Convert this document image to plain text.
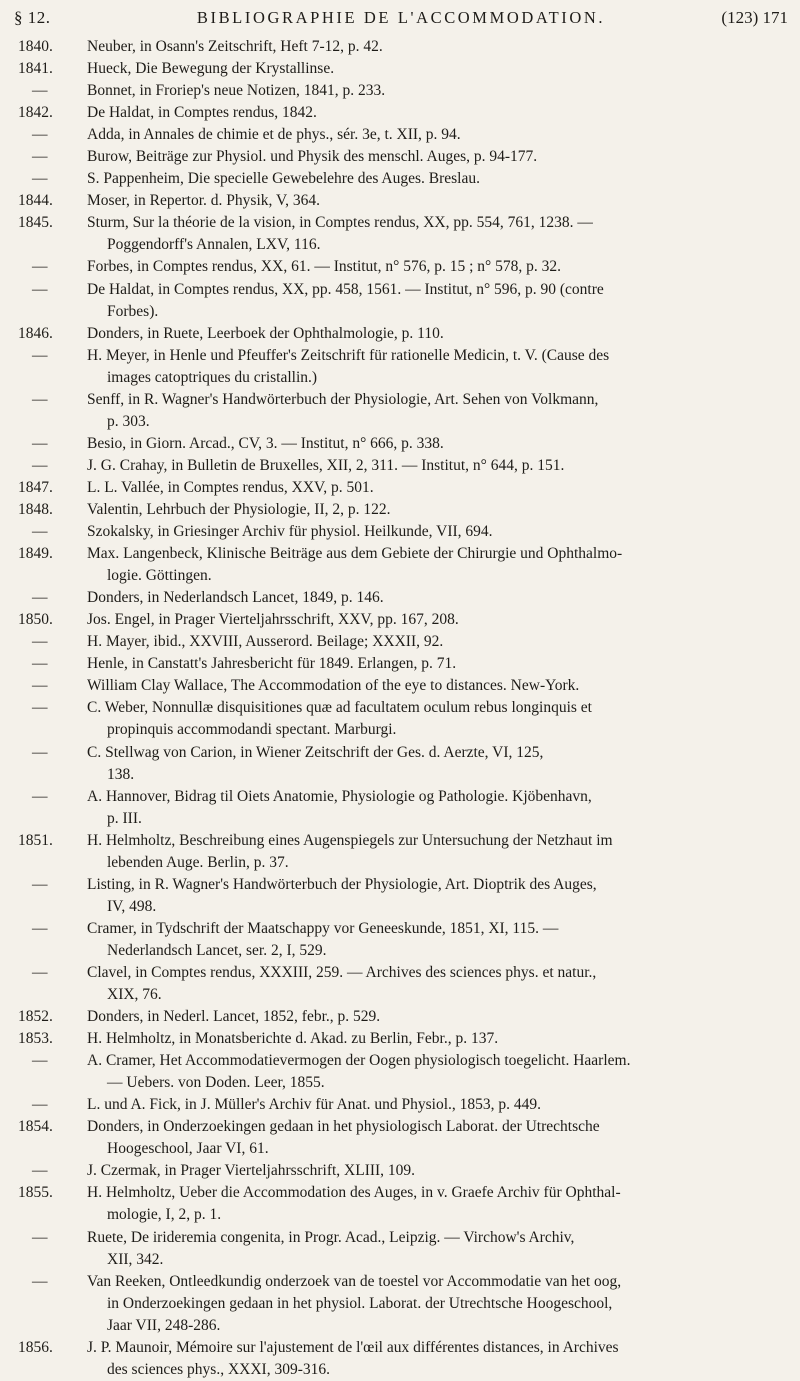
§ 12.	BIBLIOGRAPHIE DE L'ACCOMMODATION.	(123) 171
1840.	Neuber, in Osann's Zeitschrift, Heft 7-12, p. 42.
1841.	Hueck, Die Bewegung der Krystallinse.
—	Bonnet, in Froriep's neue Notizen, 1841, p. 233.
1842.	De Haldat, in Comptes rendus, 1842.
—	Adda, in Annales de chimie et de phys., sér. 3e, t. XII, p. 94.
—	Burow, Beiträge zur Physiol. und Physik des menschl. Auges, p. 94-177.
—	S. Pappenheim, Die specielle Gewebelehre des Auges. Breslau.
1844.	Moser, in Repertor. d. Physik, V, 364.
1845.	Sturm, Sur la théorie de la vision, in Comptes rendus, XX, pp. 554, 761, 1238. —
Poggendorff's Annalen, LXV, 116.
—	Forbes, in Comptes rendus, XX, 61. — Institut, n° 576, p. 15 ; n° 578, p. 32.
—	De Haldat, in Comptes rendus, XX, pp. 458, 1561. — Institut, n° 596, p. 90 (contre
Forbes).
1846.	Donders, in Ruete, Leerboek der Ophthalmologie, p. 110.
—	H. Meyer, in Henle und Pfeuffer's Zeitschrift für rationelle Medicin, t. V. (Cause des
images catoptriques du cristallin.)
—	Senff, in R. Wagner's Handwörterbuch der Physiologie, Art. Sehen von Volkmann,
p. 303.
—	Besio, in Giorn. Arcad., CV, 3. — Institut, n° 666, p. 338.
—	J. G. Crahay, in Bulletin de Bruxelles, XII, 2, 311. — Institut, n° 644, p. 151.
1847.	L. L. Vallée, in Comptes rendus, XXV, p. 501.
1848.	Valentin, Lehrbuch der Physiologie, II, 2, p. 122.
—	Szokalsky, in Griesinger Archiv für physiol. Heilkunde, VII, 694.
1849.	Max. Langenbeck, Klinische Beiträge aus dem Gebiete der Chirurgie und Ophthalmo-
logie. Göttingen.
—	Donders, in Nederlandsch Lancet, 1849, p. 146.
1850.	Jos. Engel, in Prager Vierteljahrsschrift, XXV, pp. 167, 208.
—	H. Mayer, ibid., XXVIII, Ausserord. Beilage; XXXII, 92.
—	Henle, in Canstatt's Jahresbericht für 1849. Erlangen, p. 71.
—	William Clay Wallace, The Accommodation of the eye to distances. New-York.
—	C. Weber, Nonnullæ disquisitiones quæ ad facultatem oculum rebus longinquis et
propinquis accommodandi spectant. Marburgi.
—	C. Stellwag von Carion, in Wiener Zeitschrift der Ges. d. Aerzte, VI, 125,
138.
—	A. Hannover, Bidrag til Oiets Anatomie, Physiologie og Pathologie. Kjöbenhavn,
p. III.
1851.	H. Helmholtz, Beschreibung eines Augenspiegels zur Untersuchung der Netzhaut im
lebenden Auge. Berlin, p. 37.
—	Listing, in R. Wagner's Handwörterbuch der Physiologie, Art. Dioptrik des Auges,
IV, 498.
—	Cramer, in Tydschrift der Maatschappy vor Geneeskunde, 1851, XI, 115. —
Nederlandsch Lancet, ser. 2, I, 529.
—	Clavel, in Comptes rendus, XXXIII, 259. — Archives des sciences phys. et natur.,
XIX, 76.
1852.	Donders, in Nederl. Lancet, 1852, febr., p. 529.
1853.	H. Helmholtz, in Monatsberichte d. Akad. zu Berlin, Febr., p. 137.
—	A. Cramer, Het Accommodatievermogen der Oogen physiologisch toegelicht. Haarlem.
— Uebers. von Doden. Leer, 1855.
—	L. und A. Fick, in J. Müller's Archiv für Anat. und Physiol., 1853, p. 449.
1854.	Donders, in Onderzoekingen gedaan in het physiologisch Laborat. der Utrechtsche
Hoogeschool, Jaar VI, 61.
—	J. Czermak, in Prager Vierteljahrsschrift, XLIII, 109.
1855.	H. Helmholtz, Ueber die Accommodation des Auges, in v. Graefe Archiv für Ophthal-
mologie, I, 2, p. 1.
—	Ruete, De irideremia congenita, in Progr. Acad., Leipzig. — Virchow's Archiv,
XII, 342.
—	Van Reeken, Ontleedkundig onderzoek van de toestel vor Accommodatie van het oog,
in Onderzoekingen gedaan in het physiol. Laborat. der Utrechtsche Hoogeschool,
Jaar VII, 248-286.
1856.	J. P. Maunoir, Mémoire sur l'ajustement de l'œil aux différentes distances, in Archives
des sciences phys., XXXI, 309-316.
